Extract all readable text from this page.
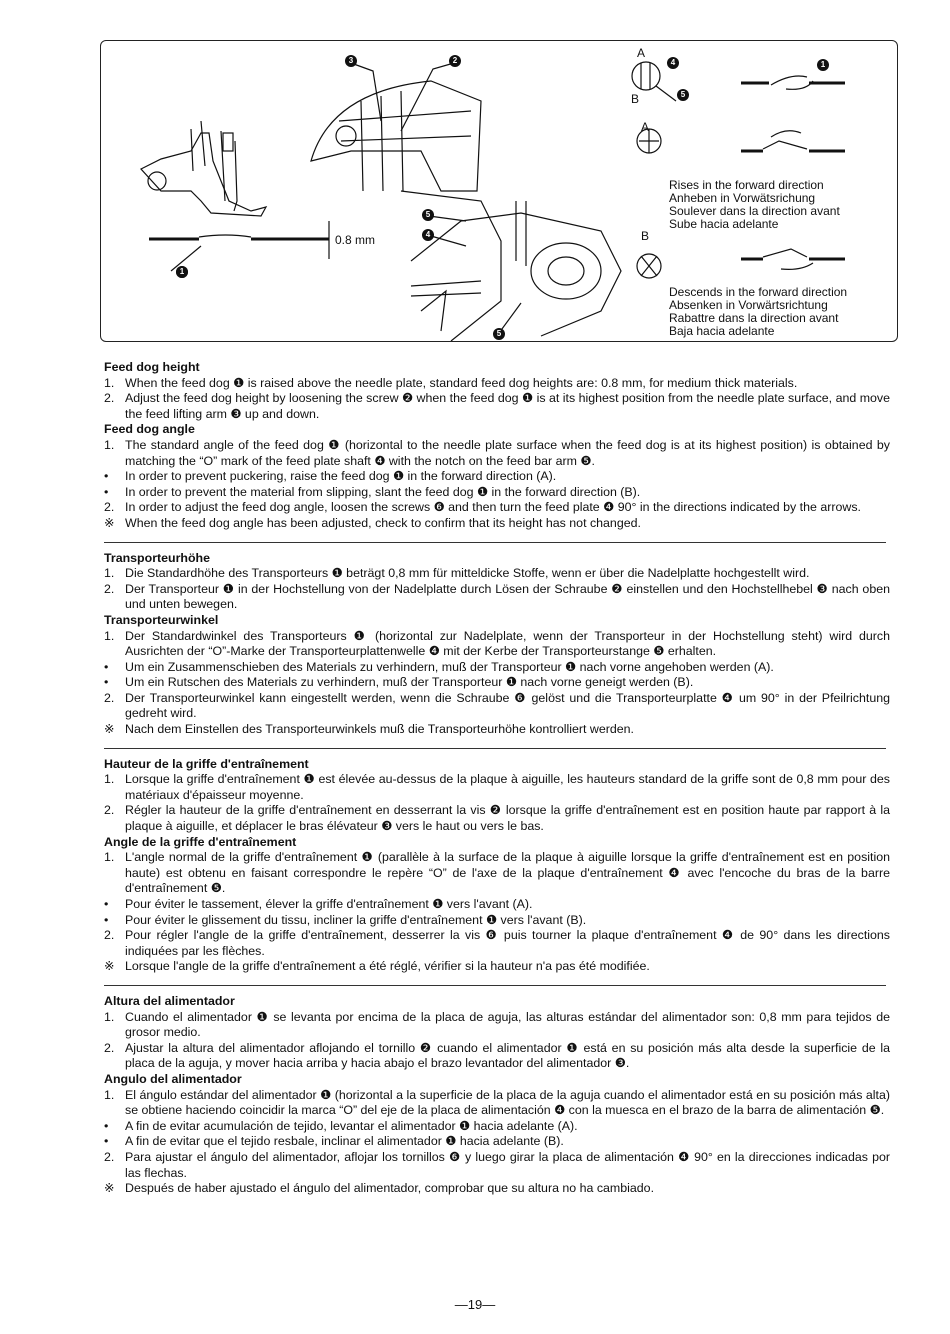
0.8 mm
1
3	2
5
4
5
4
5
1
A
B
A
B
Rises in the forward direction
Anheben in Vorwätsrichung
Soulever dans la direction avant
Sube hacia adelante
Descends in the forward direction
Absenken in Vorwärtsrichtung
Rabattre dans la direction avant
Baja hacia adelante
Feed dog height
1. When the feed dog ❶ is raised above the needle plate, standard feed dog heights are: 0.8 mm, for medium thick materials.
2. Adjust the feed dog height by loosening the screw ❷ when the feed dog ❶ is at its highest position from the needle plate surface, and move the feed lifting arm ❸ up and down.
Feed dog angle
1. The standard angle of the feed dog ❶ (horizontal to the needle plate surface when the feed dog is at its highest position) is obtained by matching the “O” mark of the feed plate shaft ❹ with the notch on the feed bar arm ❺.
•	In order to prevent puckering, raise the feed dog ❶ in the forward direction (A).
•	In order to prevent the material from slipping, slant the feed dog ❶ in the forward direction (B).
2. In order to adjust the feed dog angle, loosen the screws ❻ and then turn the feed plate ❹ 90° in the directions indicated by the arrows.
※ When the feed dog angle has been adjusted, check to confirm that its height has not changed.
Transporteurhöhe
1. Die Standardhöhe des Transporteurs ❶ beträgt 0,8 mm für mitteldicke Stoffe, wenn er über die Nadelplatte hochgestellt wird.
2. Der Transporteur ❶ in der Hochstellung von der Nadelplatte durch Lösen der Schraube ❷ einstellen und den Hochstellhebel ❸ nach oben und unten bewegen.
Transporteurwinkel
1. Der Standardwinkel des Transporteurs ❶ (horizontal zur Nadelplate, wenn der Transporteur in der Hochstellung steht) wird durch Ausrichten der “O”-Marke der Transporteurplattenwelle ❹ mit der Kerbe der Transporteurstange ❺ erhalten.
•	Um ein Zusammenschieben des Materials zu verhindern, muß der Transporteur ❶ nach vorne angehoben werden (A).
•	Um ein Rutschen des Materials zu verhindern, muß der Transporteur ❶ nach vorne geneigt werden (B).
2. Der Transporteurwinkel kann eingestellt werden, wenn die Schraube ❻ gelöst und die Transporteurplatte ❹ um 90° in der Pfeilrichtung gedreht wird.
※ Nach dem Einstellen des Transporteurwinkels muß die Transporteurhöhe kontrolliert werden.
Hauteur de la griffe d'entraînement
1. Lorsque la griffe d'entraînement ❶ est élevée au-dessus de la plaque à aiguille, les hauteurs standard de la griffe sont de 0,8 mm pour des matériaux d'épaisseur moyenne.
2. Régler la hauteur de la griffe d'entraînement en desserrant la vis ❷ lorsque la griffe d'entraînement est en position haute par rapport à la plaque à aiguille, et déplacer le bras élévateur ❸ vers le haut ou vers le bas.
Angle de la griffe d'entraînement
1. L'angle normal de la griffe d'entraînement ❶ (parallèle à la surface de la plaque à aiguille lorsque la griffe d'entraînement est en position haute) est obtenu en faisant correspondre le repère “O” de l'axe de la plaque d'entraînement ❹ avec l'encoche du bras de la barre d'entraînement ❺.
•	Pour éviter le tassement, élever la griffe d'entraînement ❶ vers l'avant (A).
•	Pour éviter le glissement du tissu, incliner la griffe d'entraînement ❶ vers l'avant (B).
2. Pour régler l'angle de la griffe d'entraînement, desserrer la vis ❻ puis tourner la plaque d'entraînement ❹ de 90° dans les directions indiquées par les flèches.
※ Lorsque l'angle de la griffe d'entraînement a été réglé, vérifier si la hauteur n'a pas été modifiée.
Altura del alimentador
1. Cuando el alimentador ❶ se levanta por encima de la placa de aguja, las alturas estándar del alimentador son: 0,8 mm para tejidos de grosor medio.
2. Ajustar la altura del alimentador aflojando el tornillo ❷ cuando el alimentador ❶ está en su posición más alta desde la superficie de la placa de la aguja, y mover hacia arriba y hacia abajo el brazo levantador del alimentador ❸.
Angulo del alimentador
1. El ángulo estándar del alimentador ❶ (horizontal a la superficie de la placa de la aguja cuando el alimentador está en su posición más alta) se obtiene haciendo coincidir la marca “O” del eje de la placa de alimentación ❹ con la muesca en el brazo de la barra de alimentación ❺.
•	A fin de evitar acumulación de tejido, levantar el alimentador ❶ hacia adelante (A).
•	A fin de evitar que el tejido resbale, inclinar el alimentador ❶ hacia adelante (B).
2. Para ajustar el ángulo del alimentador, aflojar los tornillos ❻ y luego girar la placa de alimentación ❹ 90° en la direcciones indicadas por las flechas.
※ Después de haber ajustado el ángulo del alimentador, comprobar que su altura no ha cambiado.
—19—
